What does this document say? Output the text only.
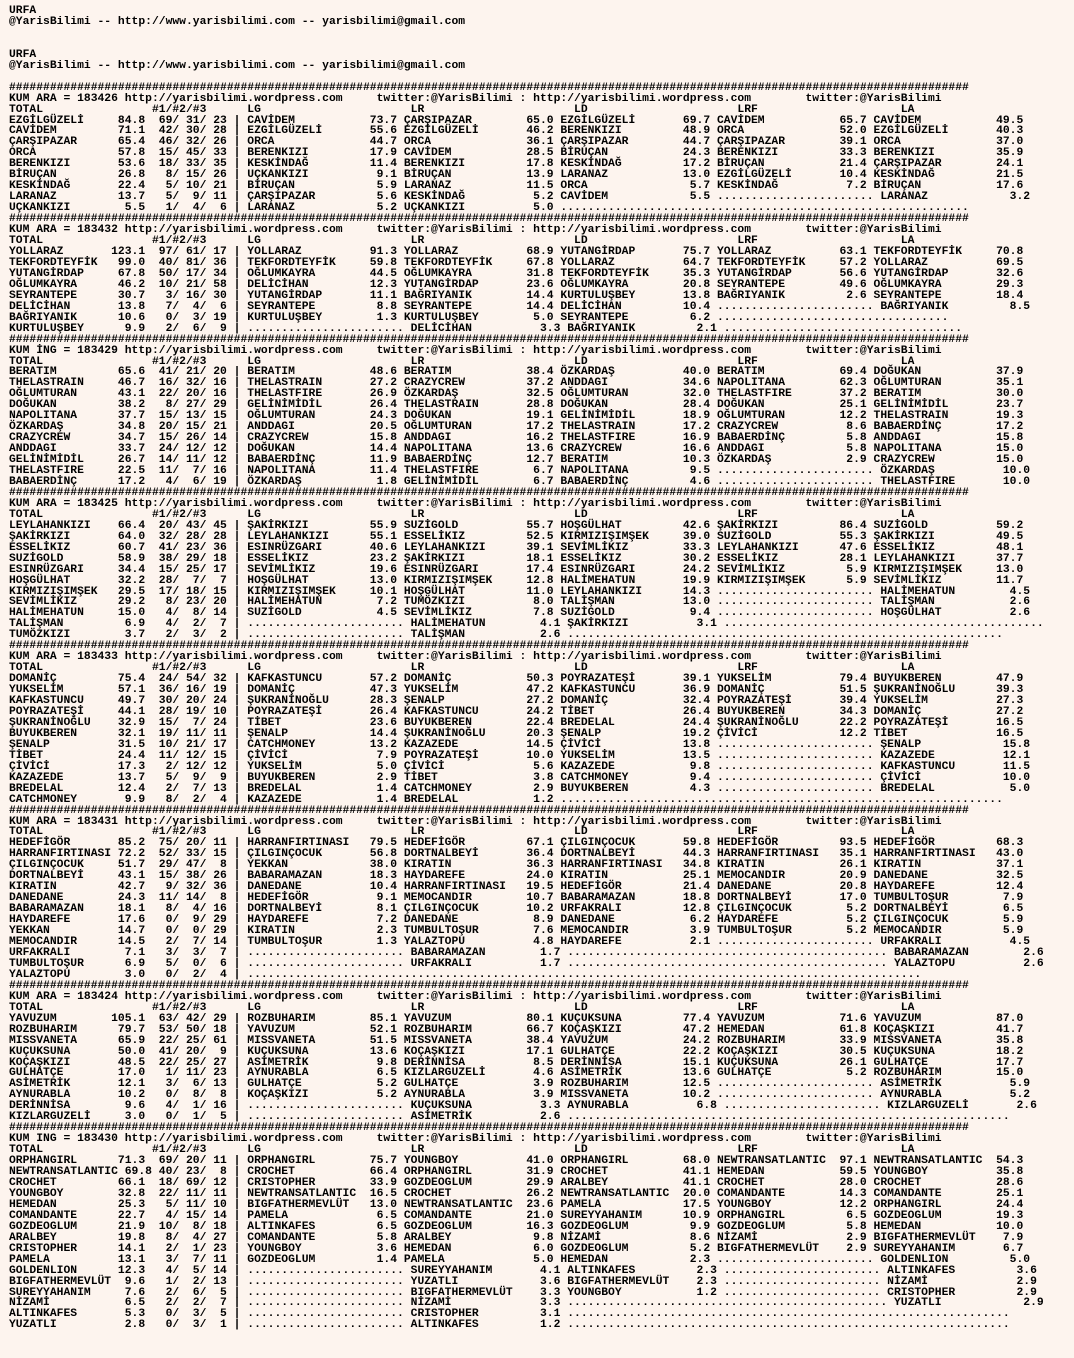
URFA
@YarisBilimi -- http://www.yarisbilimi.com -- yarisbilimi@gmail.com

URFA
@YarisBilimi -- http://www.yarisbilimi.com -- yarisbilimi@gmail.com

#############################################################################################################################################
KUM ARA = 183426 http://yarisbilimi.wordpress.com     twitter:@YarisBilimi : http://yarisbilimi.wordpress.com        twitter:@YarisBilimi
TOTAL                #1/#2/#3      LG                      LR                      LD                      LRF                     LA
EZGİLGÜZELİ     84.8  69/ 31/ 23 | CAVİDEM           73.7 ÇARŞIPAZAR        65.0 EZGİLGÜZELİ       69.7 CAVİDEM           65.7 CAVİDEM           49.5
CAVİDEM         71.1  42/ 30/ 28 | EZGİLGÜZELİ       55.6 EZGİLGÜZELİ       46.2 BERENKIZI         48.9 ORCA              52.0 EZGİLGÜZELİ       40.3
ÇARŞIPAZAR      65.4  46/ 32/ 26 | ORCA              44.7 ORCA              36.1 ÇARŞIPAZAR        44.7 ÇARŞIPAZAR        39.1 ORCA              37.0
ORCA            57.8  15/ 45/ 33 | BERENKIZI         17.9 CAVİDEM           28.5 BİRUÇAN           24.3 BERENKIZI         33.3 BERENKIZI         35.9
BERENKIZI       53.6  18/ 33/ 35 | KESKİNDAĞ         11.4 BERENKIZI         17.8 KESKİNDAĞ         17.2 BİRUÇAN           21.4 ÇARŞIPAZAR        24.1
BİRUÇAN         26.8   8/ 15/ 26 | UÇKANKIZI          9.1 BİRUÇAN           13.9 LARANAZ           13.0 EZGİLGÜZELİ       10.4 KESKİNDAĞ         21.5
KESKİNDAĞ       22.4   5/ 10/ 21 | BİRUÇAN            5.9 LARANAZ           11.5 ORCA               5.7 KESKİNDAĞ          7.2 BİRUÇAN           17.6
LARANAZ         13.7   5/  9/ 11 | ÇARŞIPAZAR         5.6 KESKİNDAĞ          5.2 CAVİDEM            5.5 ....................... LARANAZ            3.2
UÇKANKIZI        5.5   1/  4/  6 | LARANAZ            5.2 UÇKANKIZI          5.0 ............................................................
#############################################################################################################################################
KUM ARA = 183432 http://yarisbilimi.wordpress.com     twitter:@YarisBilimi : http://yarisbilimi.wordpress.com        twitter:@YarisBilimi
TOTAL                #1/#2/#3      LG                      LR                      LD                      LRF                     LA
YOLLARAZ       123.1  97/ 61/ 17 | YOLLARAZ          91.3 YOLLARAZ          68.9 YUTANGİRDAP       75.7 YOLLARAZ          63.1 TEKFORDTEYFİK     70.8
TEKFORDTEYFİK   99.0  40/ 81/ 36 | TEKFORDTEYFİK     59.8 TEKFORDTEYFİK     67.8 YOLLARAZ          64.7 TEKFORDTEYFİK     57.2 YOLLARAZ          69.5
YUTANGİRDAP     67.8  50/ 17/ 34 | OĞLUMKAYRA        44.5 OĞLUMKAYRA        31.8 TEKFORDTEYFİK     35.3 YUTANGİRDAP       56.6 YUTANGİRDAP       32.6
OĞLUMKAYRA      46.2  10/ 21/ 58 | DELİCİHAN         12.3 YUTANGİRDAP       23.6 OĞLUMKAYRA        20.8 SEYRANTEPE        49.6 OĞLUMKAYRA        29.3
SEYRANTEPE      30.7   3/ 16/ 30 | YUTANGİRDAP       11.1 BAĞRIYANIK        14.4 KURTULUŞBEY       13.8 BAĞRIYANIK         2.6 SEYRANTEPE        18.4
DELİCİHAN       13.8   7/  4/  6 | SEYRANTEPE         8.8 SEYRANTEPE        14.4 DELİCİHAN         10.4 ....................... BAĞRIYANIK         8.5
BAĞRIYANIK      10.6   0/  3/ 19 | KURTULUŞBEY        1.3 KURTULUŞBEY        5.0 SEYRANTEPE         6.2 ..................................
KURTULUŞBEY      9.9   2/  6/  9 | ....................... DELİCİHAN          3.3 BAĞRIYANIK         2.1 ...................................
#############################################################################################################################################
KUM İNG = 183429 http://yarisbilimi.wordpress.com     twitter:@YarisBilimi : http://yarisbilimi.wordpress.com        twitter:@YarisBilimi
TOTAL                #1/#2/#3      LG                      LR                      LD                      LRF                     LA
BERATIM         65.6  41/ 21/ 20 | BERATIM           48.6 BERATIM           38.4 ÖZKARDAŞ          40.0 BERATIM           69.4 DOĞUKAN           37.9
THELASTRAIN     46.7  16/ 32/ 16 | THELASTRAIN       27.2 CRAZYCREW         37.2 ANDDAGI           34.6 NAPOLITANA        62.3 OĞLUMTURAN        35.1
OĞLUMTURAN      43.1  22/ 20/ 16 | THELASTFIRE       26.9 ÖZKARDAŞ          32.5 OĞLUMTURAN        32.0 THELASTFIRE       37.2 BERATIM           30.0
DOĞUKAN         38.2   8/ 27/ 29 | GELİNİMİDİL       26.4 THELASTRAIN       28.8 DOĞUKAN           28.4 DOĞUKAN           25.1 GELİNİMİDİL       23.7
NAPOLITANA      37.7  15/ 13/ 15 | OĞLUMTURAN        24.3 DOĞUKAN           19.1 GELİNİMİDİL       18.9 OĞLUMTURAN        12.2 THELASTRAIN       19.3
ÖZKARDAŞ        34.8  20/ 15/ 21 | ANDDAGI           20.5 OĞLUMTURAN        17.2 THELASTRAIN       17.2 CRAZYCREW          8.6 BABAERDİNÇ        17.2
CRAZYCREW       34.7  15/ 26/ 14 | CRAZYCREW         15.8 ANDDAGI           16.2 THELASTFIRE       16.9 BABAERDİNÇ         5.8 ANDDAGI           15.8
ANDDAGI         33.7  24/ 12/ 12 | DOĞUKAN           14.4 NAPOLITANA        13.6 CRAZYCREW         16.6 ANDDAGI            5.8 NAPOLITANA        15.0
GELİNİMİDİL     26.7  14/ 11/ 12 | BABAERDİNÇ        11.9 BABAERDİNÇ        12.7 BERATIM           10.3 ÖZKARDAŞ           2.9 CRAZYCREW         15.0
THELASTFIRE     22.5  11/  7/ 16 | NAPOLITANA        11.4 THELASTFIRE        6.7 NAPOLITANA         9.5 ....................... ÖZKARDAŞ          10.0
BABAERDİNÇ      17.2   4/  6/ 19 | ÖZKARDAŞ           1.8 GELİNİMİDİL        6.7 BABAERDİNÇ         4.6 ....................... THELASTFIRE       10.0
#############################################################################################################################################
KUM ARA = 183425 http://yarisbilimi.wordpress.com     twitter:@YarisBilimi : http://yarisbilimi.wordpress.com        twitter:@YarisBilimi
TOTAL                #1/#2/#3      LG                      LR                      LD                      LRF                     LA
LEYLAHANKIZI    66.4  20/ 43/ 45 | ŞAKİRKIZI         55.9 SUZİGOLD          55.7 HOŞGÜLHAT         42.6 ŞAKİRKIZI         86.4 SUZİGOLD          59.2
ŞAKİRKIZI       64.0  32/ 28/ 28 | LEYLAHANKIZI      55.1 ESSELİKIZ         52.5 KIRMIZIŞIMŞEK     39.0 SUZİGOLD          55.3 ŞAKİRKIZI         49.5
ESSELİKIZ       60.7  41/ 23/ 36 | ESINRÜZGARI       40.6 LEYLAHANKIZI      39.1 SEVİMLİKIZ        33.3 LEYLAHANKIZI      47.6 ESSELİKIZ         48.1
SUZİGOLD        58.9  38/ 29/ 18 | ESSELİKIZ         23.2 ŞAKİRKIZI         18.1 ESSELİKIZ         30.2 ESSELİKIZ         28.1 LEYLAHANKIZI      37.7
ESINRÜZGARI     34.4  15/ 25/ 17 | SEVİMLİKIZ        19.6 ESINRÜZGARI       17.4 ESINRÜZGARI       24.2 SEVİMLİKIZ         5.9 KIRMIZIŞIMŞEK     13.0
HOŞGÜLHAT       32.2  28/  7/  7 | HOŞGÜLHAT         13.0 KIRMIZIŞIMŞEK     12.8 HALİMEHATUN       19.9 KIRMIZIŞIMŞEK      5.9 SEVİMLİKIZ        11.7
KIRMIZIŞIMŞEK   29.5  17/ 18/ 15 | KIRMIZIŞIMŞEK     10.1 HOŞGÜLHAT         11.0 LEYLAHANKIZI      14.3 ....................... HALİMEHATUN        4.5
SEVİMLİKIZ      29.2   8/ 23/ 20 | HALİMEHATUN        7.2 TUMÖZKIZI          8.0 TALİŞMAN          13.0 ....................... TALİŞMAN           2.6
HALİMEHATUN     15.0   4/  8/ 14 | SUZİGOLD           4.5 SEVİMLİKIZ         7.8 SUZİGOLD           9.4 ....................... HOŞGÜLHAT          2.6
TALİŞMAN         6.9   4/  2/  7 | ....................... HALİMEHATUN        4.1 ŞAKİRKIZI          3.1 ...............................................
TUMÖZKIZI        3.7   2/  3/  2 | ....................... TALİŞMAN           2.6 ................................................................
#############################################################################################################################################
KUM ARA = 183433 http://yarisbilimi.wordpress.com     twitter:@YarisBilimi : http://yarisbilimi.wordpress.com        twitter:@YarisBilimi
TOTAL                #1/#2/#3      LG                      LR                      LD                      LRF                     LA
DOMANİÇ         75.4  24/ 54/ 32 | KAFKASTUNCU       57.2 DOMANİÇ           50.3 POYRAZATEŞİ       39.1 YUKSELİM          79.4 BUYUKBEREN        47.9
YUKSELİM        57.1  36/ 16/ 19 | DOMANİÇ           47.3 YUKSELİM          47.2 KAFKASTUNCU       36.9 DOMANİÇ           51.5 ŞUKRANİNOĞLU      39.3
KAFKASTUNCU     49.7  30/ 20/ 24 | ŞUKRANİNOĞLU      28.3 ŞENALP            27.2 DOMANİÇ           32.4 POYRAZATEŞİ       39.4 YUKSELİM          27.3
POYRAZATEŞİ     44.1  28/ 19/ 10 | POYRAZATEŞİ       26.4 KAFKASTUNCU       24.2 TİBET             26.4 BUYUKBEREN        34.3 DOMANİÇ           27.2
ŞUKRANİNOĞLU    32.9  15/  7/ 24 | TİBET             23.6 BUYUKBEREN        22.4 BREDELAL          24.4 ŞUKRANİNOĞLU      22.2 POYRAZATEŞİ       16.5
BUYUKBEREN      32.1  19/ 11/ 11 | ŞENALP            14.4 ŞUKRANİNOĞLU      20.3 ŞENALP            19.2 ÇİVİCİ            12.2 TİBET             16.5
ŞENALP          31.5  10/ 21/ 17 | CATCHMONEY        13.2 KAZAZEDE          14.5 ÇİVİCİ            13.8 ....................... ŞENALP            15.8
TİBET           24.4  11/ 12/ 15 | ÇİVİCİ             7.9 POYRAZATEŞİ       10.0 YUKSELİM          13.5 ....................... KAZAZEDE          12.1
ÇİVİCİ          17.3   2/ 12/ 12 | YUKSELİM           5.0 ÇİVİCİ             5.6 KAZAZEDE           9.8 ....................... KAFKASTUNCU       11.5
KAZAZEDE        13.7   5/  9/  9 | BUYUKBEREN         2.9 TİBET              3.8 CATCHMONEY         9.4 ....................... ÇİVİCİ            10.0
BREDELAL        12.4   2/  7/ 13 | BREDELAL           1.4 CATCHMONEY         2.9 BUYUKBEREN         4.3 ....................... BREDELAL           5.0
CATCHMONEY       9.9   8/  2/  4 | KAZAZEDE           1.4 BREDELAL           1.2 .................................................................
#############################################################################################################################################
KUM ARA = 183431 http://yarisbilimi.wordpress.com     twitter:@YarisBilimi : http://yarisbilimi.wordpress.com        twitter:@YarisBilimi
TOTAL                #1/#2/#3      LG                      LR                      LD                      LRF                     LA
HEDEFİGÖR       85.2  75/ 20/ 11 | HARRANFIRTINASI   79.5 HEDEFİGÖR         67.1 ÇILGINÇOCUK       59.8 HEDEFİGÖR         93.5 HEDEFİGÖR         68.3
HARRANFIRTINASI 72.2  52/ 33/ 15 | ÇILGINÇOCUK       56.8 DORTNALBEYİ       36.4 DORTNALBEYİ       44.3 HARRANFIRTINASI   35.1 HARRANFIRTINASI   43.0
ÇILGINÇOCUK     51.7  29/ 47/  8 | YEKKAN            38.0 KIRATIN           36.3 HARRANFIRTINASI   34.8 KIRATIN           26.1 KIRATIN           37.1
DORTNALBEYİ     43.1  15/ 38/ 26 | BABARAMAZAN       18.3 HAYDAREFE         24.0 KIRATIN           25.1 MEMOCANDIR        20.9 DANEDANE          32.5
KIRATIN         42.7   9/ 32/ 36 | DANEDANE          10.4 HARRANFIRTINASI   19.5 HEDEFİGÖR         21.4 DANEDANE          20.8 HAYDAREFE         12.4
DANEDANE        24.3  11/ 14/  8 | HEDEFİGÖR          9.1 MEMOCANDIR        10.7 BABARAMAZAN       18.8 DORTNALBEYİ       17.0 TUMBULTOŞUR        7.9
BABARAMAZAN     18.1   8/  4/ 16 | DORTNALBEYİ        8.1 ÇILGINÇOCUK       10.2 URFAKRALI         12.8 ÇILGINÇOCUK        5.2 DORTNALBEYİ        6.5
HAYDAREFE       17.6   0/  9/ 29 | HAYDAREFE          7.2 DANEDANE           8.9 DANEDANE           6.2 HAYDAREFE          5.2 ÇILGINÇOCUK        5.9
YEKKAN          14.7   0/  0/ 29 | KIRATIN            2.3 TUMBULTOŞUR        7.6 MEMOCANDIR         3.9 TUMBULTOŞUR        5.2 MEMOCANDIR         5.9
MEMOCANDIR      14.5   2/  7/ 14 | TUMBULTOŞUR        1.3 YALAZTOPU          4.8 HAYDAREFE          2.1 ....................... URFAKRALI          4.5
URFAKRALI        7.1   3/  3/  7 | ....................... BABARAMAZAN        1.7 ............................................... BABARAMAZAN        2.6
TUMBULTOŞUR      6.9   5/  0/  6 | ....................... URFAKRALI          1.7 ............................................... YALAZTOPU          2.6
YALAZTOPU        3.0   0/  2/  4 | ...................................................................................................
#############################################################################################################################################
KUM ARA = 183424 http://yarisbilimi.wordpress.com     twitter:@YarisBilimi : http://yarisbilimi.wordpress.com        twitter:@YarisBilimi
TOTAL                #1/#2/#3      LG                      LR                      LD                      LRF                     LA
YAVUZUM        105.1  63/ 42/ 29 | ROZBUHARIM        85.1 YAVUZUM           80.1 KUÇUKSUNA         77.4 YAVUZUM           71.6 YAVUZUM           87.0
ROZBUHARIM      79.7  53/ 50/ 18 | YAVUZUM           52.1 ROZBUHARIM        66.7 KOÇAŞKIZI         47.2 HEMEDAN           61.8 KOÇAŞKIZI         41.7
MISSVANETA      65.9  22/ 25/ 61 | MISSVANETA        51.5 MISSVANETA        38.4 YAVUZUM           24.2 ROZBUHARIM        33.9 MISSVANETA        35.8
KUÇUKSUNA       50.0  41/ 20/  9 | KUÇUKSUNA         13.6 KOÇAŞKIZI         17.1 GULHATÇE          22.2 KOÇAŞKIZI         30.5 KUÇUKSUNA         18.2
KOÇAŞKIZI       48.5  22/ 25/ 27 | ASİMETRİK          9.8 DERİNNİSA          8.5 DERİNNİSA         15.1 KUÇUKSUNA         26.1 GULHATÇE          17.7
GULHATÇE        17.0   1/ 11/ 23 | AYNURABLA          6.5 KIZLARGUZELİ       4.6 ASİMETRİK         13.6 GULHATÇE           5.2 ROZBUHARIM        15.0
ASİMETRİK       12.1   3/  6/ 13 | GULHATÇE           5.2 GULHATÇE           3.9 ROZBUHARIM        12.5 ....................... ASİMETRİK          5.9
AYNURABLA       10.2   0/  8/  8 | KOÇAŞKIZI          5.2 AYNURABLA          3.9 MISSVANETA        10.2 ....................... AYNURABLA          5.2
DERİNNİSA        9.6   4/  1/ 16 | ....................... KUÇUKSUNA          3.3 AYNURABLA          6.8 ....................... KIZLARGUZELİ       2.6
KIZLARGUZELİ     3.0   0/  1/  5 | ....................... ASİMETRİK          2.6 .................................................................
#############################################################################################################################################
KUM ING = 183430 http://yarisbilimi.wordpress.com     twitter:@YarisBilimi : http://yarisbilimi.wordpress.com        twitter:@YarisBilimi
TOTAL                #1/#2/#3      LG                      LR                      LD                      LRF                     LA
ORPHANGIRL      71.3  69/ 20/ 11 | ORPHANGIRL        75.7 YOUNGBOY          41.0 ORPHANGIRL        68.0 NEWTRANSATLANTIC  97.1 NEWTRANSATLANTIC  54.3
NEWTRANSATLANTIC 69.8 40/ 23/  8 | CROCHET           66.4 ORPHANGIRL        31.9 CROCHET           41.1 HEMEDAN           59.5 YOUNGBOY          35.8
CROCHET         66.1  18/ 69/ 12 | CRISTOPHER        33.9 GOZDEOGLUM        29.9 ARALBEY           41.1 CROCHET           28.0 CROCHET           28.6
YOUNGBOY        32.8  22/ 11/ 11 | NEWTRANSATLANTIC  16.5 CROCHET           26.2 NEWTRANSATLANTIC  20.0 COMANDANTE        14.3 COMANDANTE        25.1
HEMEDAN         25.3   5/ 11/ 10 | BIGFATHERMEVLÜT   13.0 NEWTRANSATLANTIC  23.6 PAMELA            17.5 YOUNGBOY          12.2 ORPHANGIRL        24.4
COMANDANTE      22.7   4/ 15/ 14 | PAMELA             6.5 COMANDANTE        21.0 SUREYYAHANIM      10.9 ORPHANGIRL         6.5 GOZDEOGLUM        19.3
GOZDEOGLUM      21.9  10/  8/ 18 | ALTINKAFES         6.5 GOZDEOGLUM        16.3 GOZDEOGLUM         9.9 GOZDEOGLUM         5.8 HEMEDAN           10.0
ARALBEY         19.8   8/  4/ 27 | COMANDANTE         5.8 ARALBEY            9.8 NİZAMİ             8.6 NİZAMİ             2.9 BIGFATHERMEVLÜT    7.9
CRISTOPHER      14.1   2/  1/ 23 | YOUNGBOY           3.6 HEMEDAN            6.0 GOZDEOGLUM         5.2 BIGFATHERMEVLÜT    2.9 SUREYYAHANIM       6.7
PAMELA          13.1   3/  7/ 11 | GOZDEOGLUM         1.4 PAMELA             5.0 HEMEDAN            2.3 ....................... GOLDENLION         5.0
GOLDENLION      12.3   4/  5/ 14 | ....................... SUREYYAHANIM       4.1 ALTINKAFES         2.3 ....................... ALTINKAFES         3.6
BIGFATHERMEVLÜT  9.6   1/  2/ 13 | ....................... YUZATLI            3.6 BIGFATHERMEVLÜT    2.3 ....................... NİZAMİ             2.9
SUREYYAHANIM     7.6   2/  6/  5 | ....................... BIGFATHERMEVLÜT    3.3 YOUNGBOY           1.2 ....................... CRISTOPHER         2.9
NİZAMİ           6.5   2/  2/  7 | ....................... NİZAMİ             3.3 ............................................... YUZATLI            2.9
ALTINKAFES       5.3   0/  3/  5 | ....................... CRISTOPHER         3.1 .................................................................
YUZATLI          2.8   0/  3/  1 | ....................... ALTINKAFES         1.2 .................................................................
